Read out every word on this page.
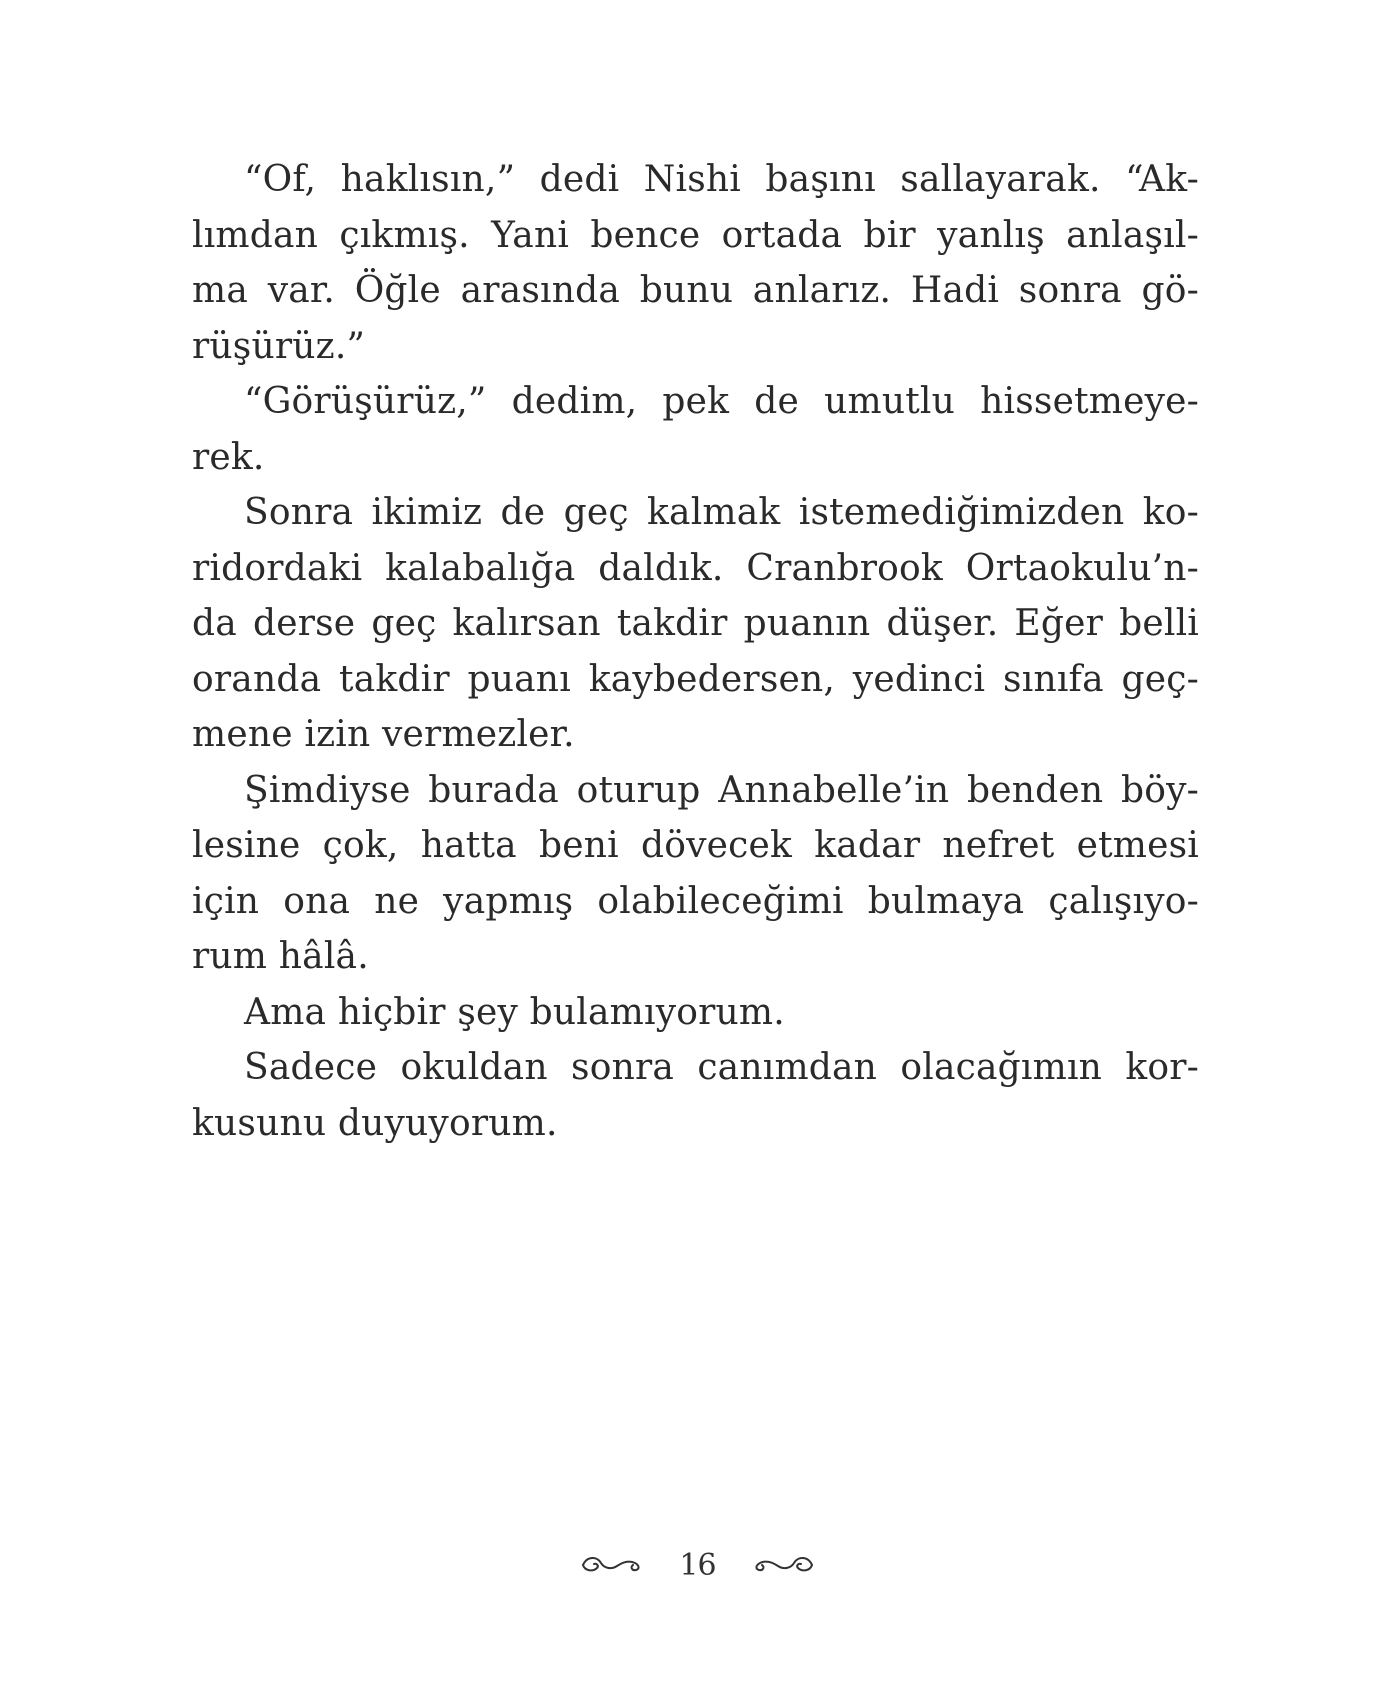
“Of, haklısın,” dedi Nishi başını sallayarak. “Ak-
lımdan çıkmış. Yani bence ortada bir yanlış anlaşıl-
ma var. Öğle arasında bunu anlarız. Hadi sonra gö-
rüşürüz.”
“Görüşürüz,” dedim, pek de umutlu hissetmeye-
rek.
Sonra ikimiz de geç kalmak istemediğimizden ko-
ridordaki kalabalığa daldık. Cranbrook Ortaokulu’n-
da derse geç kalırsan takdir puanın düşer. Eğer belli
oranda takdir puanı kaybedersen, yedinci sınıfa geç-
mene izin vermezler.
Şimdiyse burada oturup Annabelle’in benden böy-
lesine çok, hatta beni dövecek kadar nefret etmesi
için ona ne yapmış olabileceğimi bulmaya çalışıyo-
rum hâlâ.
Ama hiçbir şey bulamıyorum.
Sadece okuldan sonra canımdan olacağımın kor-
kusunu duyuyorum.
16
